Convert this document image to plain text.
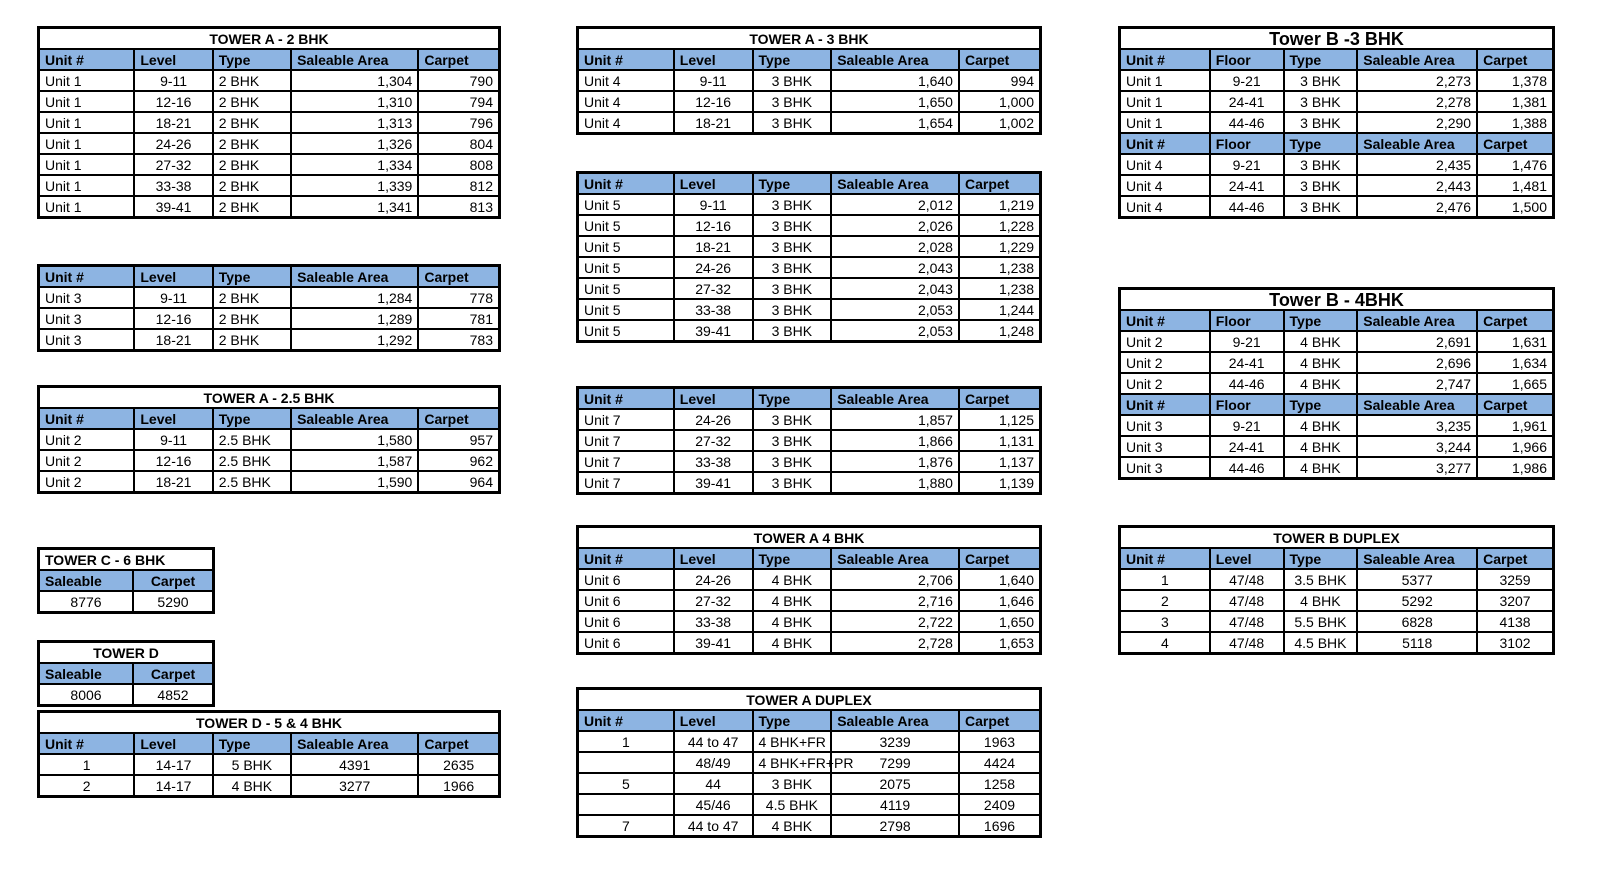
TOWER A - 2 BHK				
Unit #	Level	Type	Saleable Area	Carpet
Unit 1	9-11	2 BHK	1,304	790
Unit 1	12-16	2 BHK	1,310	794
Unit 1	18-21	2 BHK	1,313	796
Unit 1	24-26	2 BHK	1,326	804
Unit 1	27-32	2 BHK	1,334	808
Unit 1	33-38	2 BHK	1,339	812
Unit 1	39-41	2 BHK	1,341	813
Unit #	Level	Type	Saleable Area	Carpet
Unit 3	9-11	2 BHK	1,284	778
Unit 3	12-16	2 BHK	1,289	781
Unit 3	18-21	2 BHK	1,292	783
TOWER A - 2.5 BHK				
Unit #	Level	Type	Saleable Area	Carpet
Unit 2	9-11	2.5 BHK	1,580	957
Unit 2	12-16	2.5 BHK	1,587	962
Unit 2	18-21	2.5 BHK	1,590	964
TOWER C - 6 BHK	
Saleable	Carpet
8776	5290
TOWER D	
Saleable	Carpet
8006	4852
TOWER D - 5 & 4 BHK				
Unit #	Level	Type	Saleable Area	Carpet
1	14-17	5 BHK	4391	2635
2	14-17	4 BHK	3277	1966
TOWER A - 3 BHK				
Unit #	Level	Type	Saleable Area	Carpet
Unit 4	9-11	3 BHK	1,640	994
Unit 4	12-16	3 BHK	1,650	1,000
Unit 4	18-21	3 BHK	1,654	1,002
Unit #	Level	Type	Saleable Area	Carpet
Unit 5	9-11	3 BHK	2,012	1,219
Unit 5	12-16	3 BHK	2,026	1,228
Unit 5	18-21	3 BHK	2,028	1,229
Unit 5	24-26	3 BHK	2,043	1,238
Unit 5	27-32	3 BHK	2,043	1,238
Unit 5	33-38	3 BHK	2,053	1,244
Unit 5	39-41	3 BHK	2,053	1,248
Unit #	Level	Type	Saleable Area	Carpet
Unit 7	24-26	3 BHK	1,857	1,125
Unit 7	27-32	3 BHK	1,866	1,131
Unit 7	33-38	3 BHK	1,876	1,137
Unit 7	39-41	3 BHK	1,880	1,139
TOWER A 4 BHK				
Unit #	Level	Type	Saleable Area	Carpet
Unit 6	24-26	4 BHK	2,706	1,640
Unit 6	27-32	4 BHK	2,716	1,646
Unit 6	33-38	4 BHK	2,722	1,650
Unit 6	39-41	4 BHK	2,728	1,653
TOWER A DUPLEX				
Unit #	Level	Type	Saleable Area	Carpet
1	44 to 47	4 BHK+FR	3239	1963
	48/49	4 BHK+FR+PR	7299	4424
5	44	3 BHK	2075	1258
	45/46	4.5 BHK	4119	2409
7	44 to 47	4 BHK	2798	1696
Tower B -3 BHK				
Unit #	Floor	Type	Saleable Area	Carpet
Unit 1	9-21	3 BHK	2,273	1,378
Unit 1	24-41	3 BHK	2,278	1,381
Unit 1	44-46	3 BHK	2,290	1,388
Unit #	Floor	Type	Saleable Area	Carpet
Unit 4	9-21	3 BHK	2,435	1,476
Unit 4	24-41	3 BHK	2,443	1,481
Unit 4	44-46	3 BHK	2,476	1,500
Tower B - 4BHK				
Unit #	Floor	Type	Saleable Area	Carpet
Unit 2	9-21	4 BHK	2,691	1,631
Unit 2	24-41	4 BHK	2,696	1,634
Unit 2	44-46	4 BHK	2,747	1,665
Unit #	Floor	Type	Saleable Area	Carpet
Unit 3	9-21	4 BHK	3,235	1,961
Unit 3	24-41	4 BHK	3,244	1,966
Unit 3	44-46	4 BHK	3,277	1,986
TOWER B DUPLEX				
Unit #	Level	Type	Saleable Area	Carpet
1	47/48	3.5 BHK	5377	3259
2	47/48	4 BHK	5292	3207
3	47/48	5.5 BHK	6828	4138
4	47/48	4.5 BHK	5118	3102
